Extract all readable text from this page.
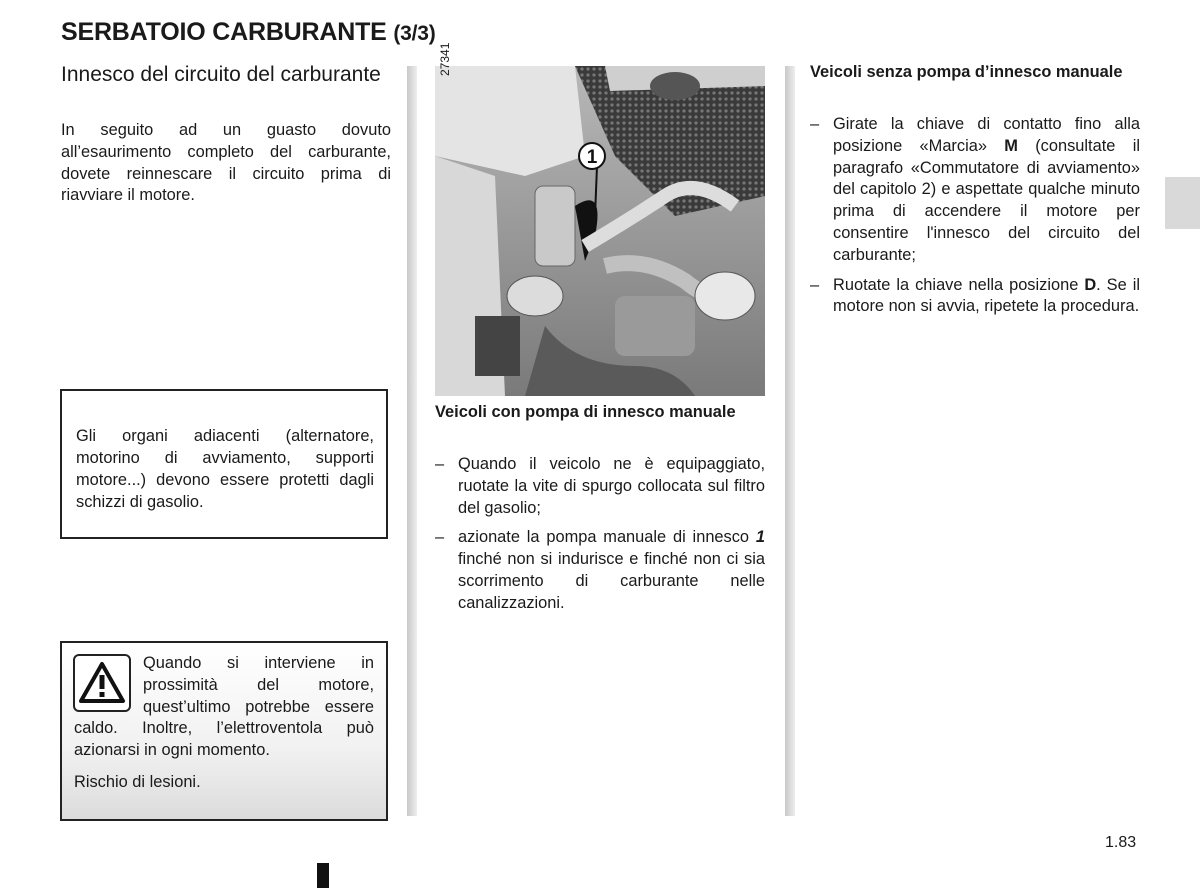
SERBATOIO CARBURANTE (3/3)
Innesco del circuito del carburante
In seguito ad un guasto dovuto all’esaurimento completo del carburante, dovete reinnescare il circuito prima di riavviare il motore.

Gli organi adiacenti (alternatore, motorino di avviamento, supporti motore...) devono essere protetti dagli schizzi di gasolio.

Quando si interviene in prossimità del motore, quest’ultimo potrebbe essere caldo. Inoltre, l’elettroventola può azionarsi in ogni momento.
Rischio di lesioni.
1
27341
Veicoli con pompa di innesco manuale
– Quando il veicolo ne è equipaggiato, ruotate la vite di spurgo collocata sul filtro del gasolio;
– azionate la pompa manuale di innesco 1 finché non si indurisce e finché non ci sia scorrimento di carburante nelle canalizzazioni.
Veicoli senza pompa d’innesco manuale
– Girate la chiave di contatto fino alla posizione «Marcia» M (consultate il paragrafo «Commutatore di avviamento» del capitolo 2) e aspettate qualche minuto prima di accendere il motore per consentire l'innesco del circuito del carburante;
– Ruotate la chiave nella posizione D. Se il motore non si avvia, ripetete la procedura.
1.83
